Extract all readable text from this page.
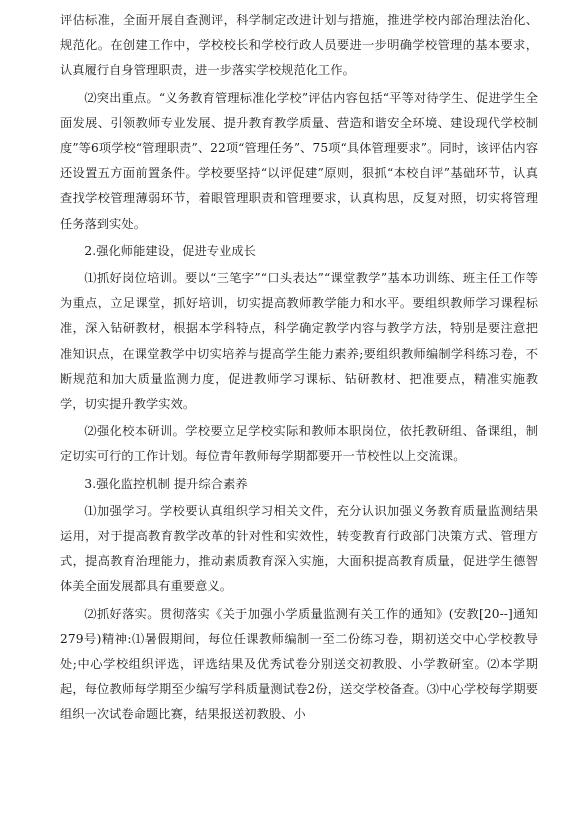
评估标准，全面开展自查测评，科学制定改进计划与措施，推进学校内部治理法治化、规范化。在创建工作中，学校校长和学校行政人员要进一步明确学校管理的基本要求，认真履行自身管理职责，进一步落实学校规范化工作。

⑵突出重点。“义务教育管理标准化学校”评估内容包括“平等对待学生、促进学生全面发展、引领教师专业发展、提升教育教学质量、营造和谐安全环境、建设现代学校制度”等6项学校“管理职责”、22项“管理任务”、75项“具体管理要求”。同时，该评估内容还设置五方面前置条件。学校要坚持“以评促建”原则，狠抓“本校自评”基础环节，认真查找学校管理薄弱环节，着眼管理职责和管理要求，认真构思，反复对照，切实将管理任务落到实处。

2.强化师能建设，促进专业成长

⑴抓好岗位培训。要以“三笔字”“口头表达”“课堂教学”基本功训练、班主任工作等为重点，立足课堂，抓好培训，切实提高教师教学能力和水平。要组织教师学习课程标准，深入钻研教材，根据本学科特点，科学确定教学内容与教学方法，特别是要注意把准知识点，在课堂教学中切实培养与提高学生能力素养;要组织教师编制学科练习卷，不断规范和加大质量监测力度，促进教师学习课标、钻研教材、把准要点，精准实施教学，切实提升教学实效。

⑵强化校本研训。学校要立足学校实际和教师本职岗位，依托教研组、备课组，制定切实可行的工作计划。每位青年教师每学期都要开一节校性以上交流课。

3.强化监控机制 提升综合素养

⑴加强学习。学校要认真组织学习相关文件，充分认识加强义务教育质量监测结果运用，对于提高教育教学改革的针对性和实效性，转变教育行政部门决策方式、管理方式，提高教育治理能力，推动素质教育深入实施，大面积提高教育质量，促进学生德智体美全面发展都具有重要意义。

⑵抓好落实。贯彻落实《关于加强小学质量监测有关工作的通知》(安教[20--]通知279号)精神:⑴暑假期间，每位任课教师编制一至二份练习卷，期初送交中心学校教导处;中心学校组织评选，评选结果及优秀试卷分别送交初教股、小学教研室。⑵本学期起，每位教师每学期至少编写学科质量测试卷2份，送交学校备查。⑶中心学校每学期要组织一次试卷命题比赛，结果报送初教股、小
